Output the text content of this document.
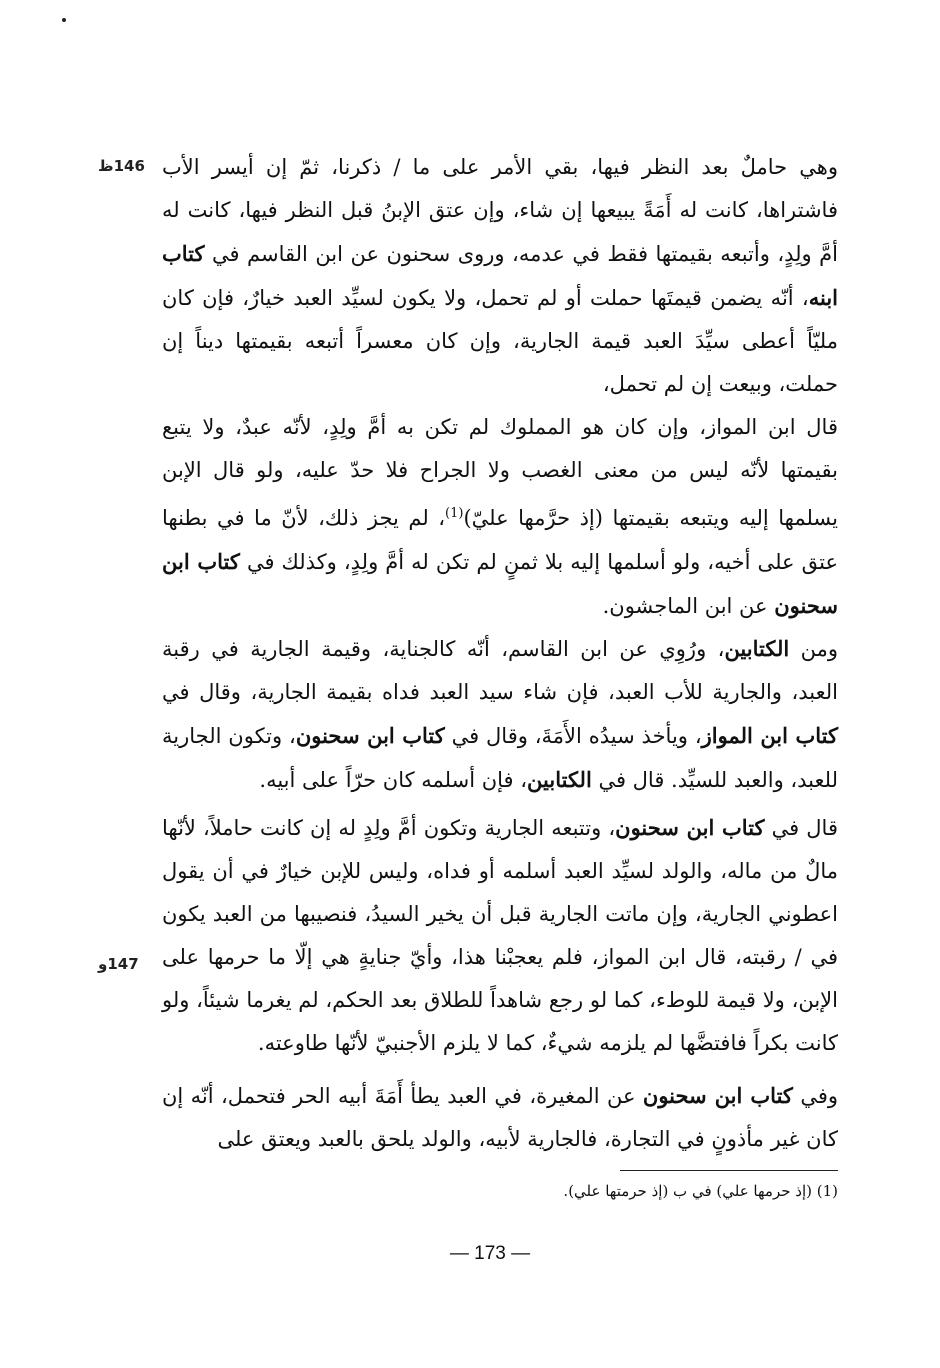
146ظ
147و

وهي حاملٌ بعد النظر فيها، بقي الأمر على ما / ذكرنا، ثمّ إن أيسر الأب فاشتراها، كانت له أَمَةً يبيعها إن شاء، وإن عتق الإبنُ قبل النظر فيها، كانت له أمَّ ولِدٍ، وأتبعه بقيمتها فقط في عدمه، وروى سحنون عن ابن القاسم في كتاب ابنه، أنّه يضمن قيمتَها حملت أو لم تحمل، ولا يكون لسيِّد العبد خيارٌ، فإن كان مليّاً أعطى سيِّدَ العبد قيمة الجارية، وإن كان معسراً أتبعه بقيمتها ديناً إن حملت، وبيعت إن لم تحمل،

قال ابن المواز، وإن كان هو المملوك لم تكن به أمَّ ولِدٍ، لأنّه عبدٌ، ولا يتبع بقيمتها لأنّه ليس من معنى الغصب ولا الجراح فلا حدّ عليه، ولو قال الإبن يسلمها إليه ويتبعه بقيمتها (إذ حرَّمها عليّ)$^{(1)}$، لم يجز ذلك، لأنّ ما في بطنها عتق على أخيه، ولو أسلمها إليه بلا ثمنٍ لم تكن له أمَّ ولِدٍ، وكذلك في كتاب ابن سحنون عن ابن الماجشون.

ومن الكتابين، ورُوِي عن ابن القاسم، أنّه كالجناية، وقيمة الجارية في رقبة العبد، والجارية للأب العبد، فإن شاء سيد العبد فداه بقيمة الجارية، وقال في كتاب ابن المواز، ويأخذ سيدُه الأَمَةَ، وقال في كتاب ابن سحنون، وتكون الجارية للعبد، والعبد للسيِّد. قال في الكتابين، فإن أسلمه كان حرّاً على أبيه.

قال في كتاب ابن سحنون، وتتبعه الجارية وتكون أمَّ ولِدٍ له إن كانت حاملاً، لأنّها مالٌ من ماله، والولد لسيِّد العبد أسلمه أو فداه، وليس للإبن خيارٌ في أن يقول اعطوني الجارية، وإن ماتت الجارية قبل أن يخير السيدُ، فنصيبها من العبد يكون في / رقبته، قال ابن المواز، فلم يعجبْنا هذا، وأيّ جنايةٍ هي إلّا ما حرمها على الإبن، ولا قيمة للوطء، كما لو رجع شاهداً للطلاق بعد الحكم، لم يغرما شيئاً، ولو كانت بكراً فافتضَّها لم يلزمه شيءٌ، كما لا يلزم الأجنبيّ لأنّها طاوعته.

وفي كتاب ابن سحنون عن المغيرة، في العبد يطأ أَمَةَ أبيه الحر فتحمل، أنّه إن كان غير مأذونٍ في التجارة، فالجارية لأبيه، والولد يلحق بالعبد ويعتق على

(1) (إذ حرمها علي) في ب (إذ حرمتها علي).
— 173 —
